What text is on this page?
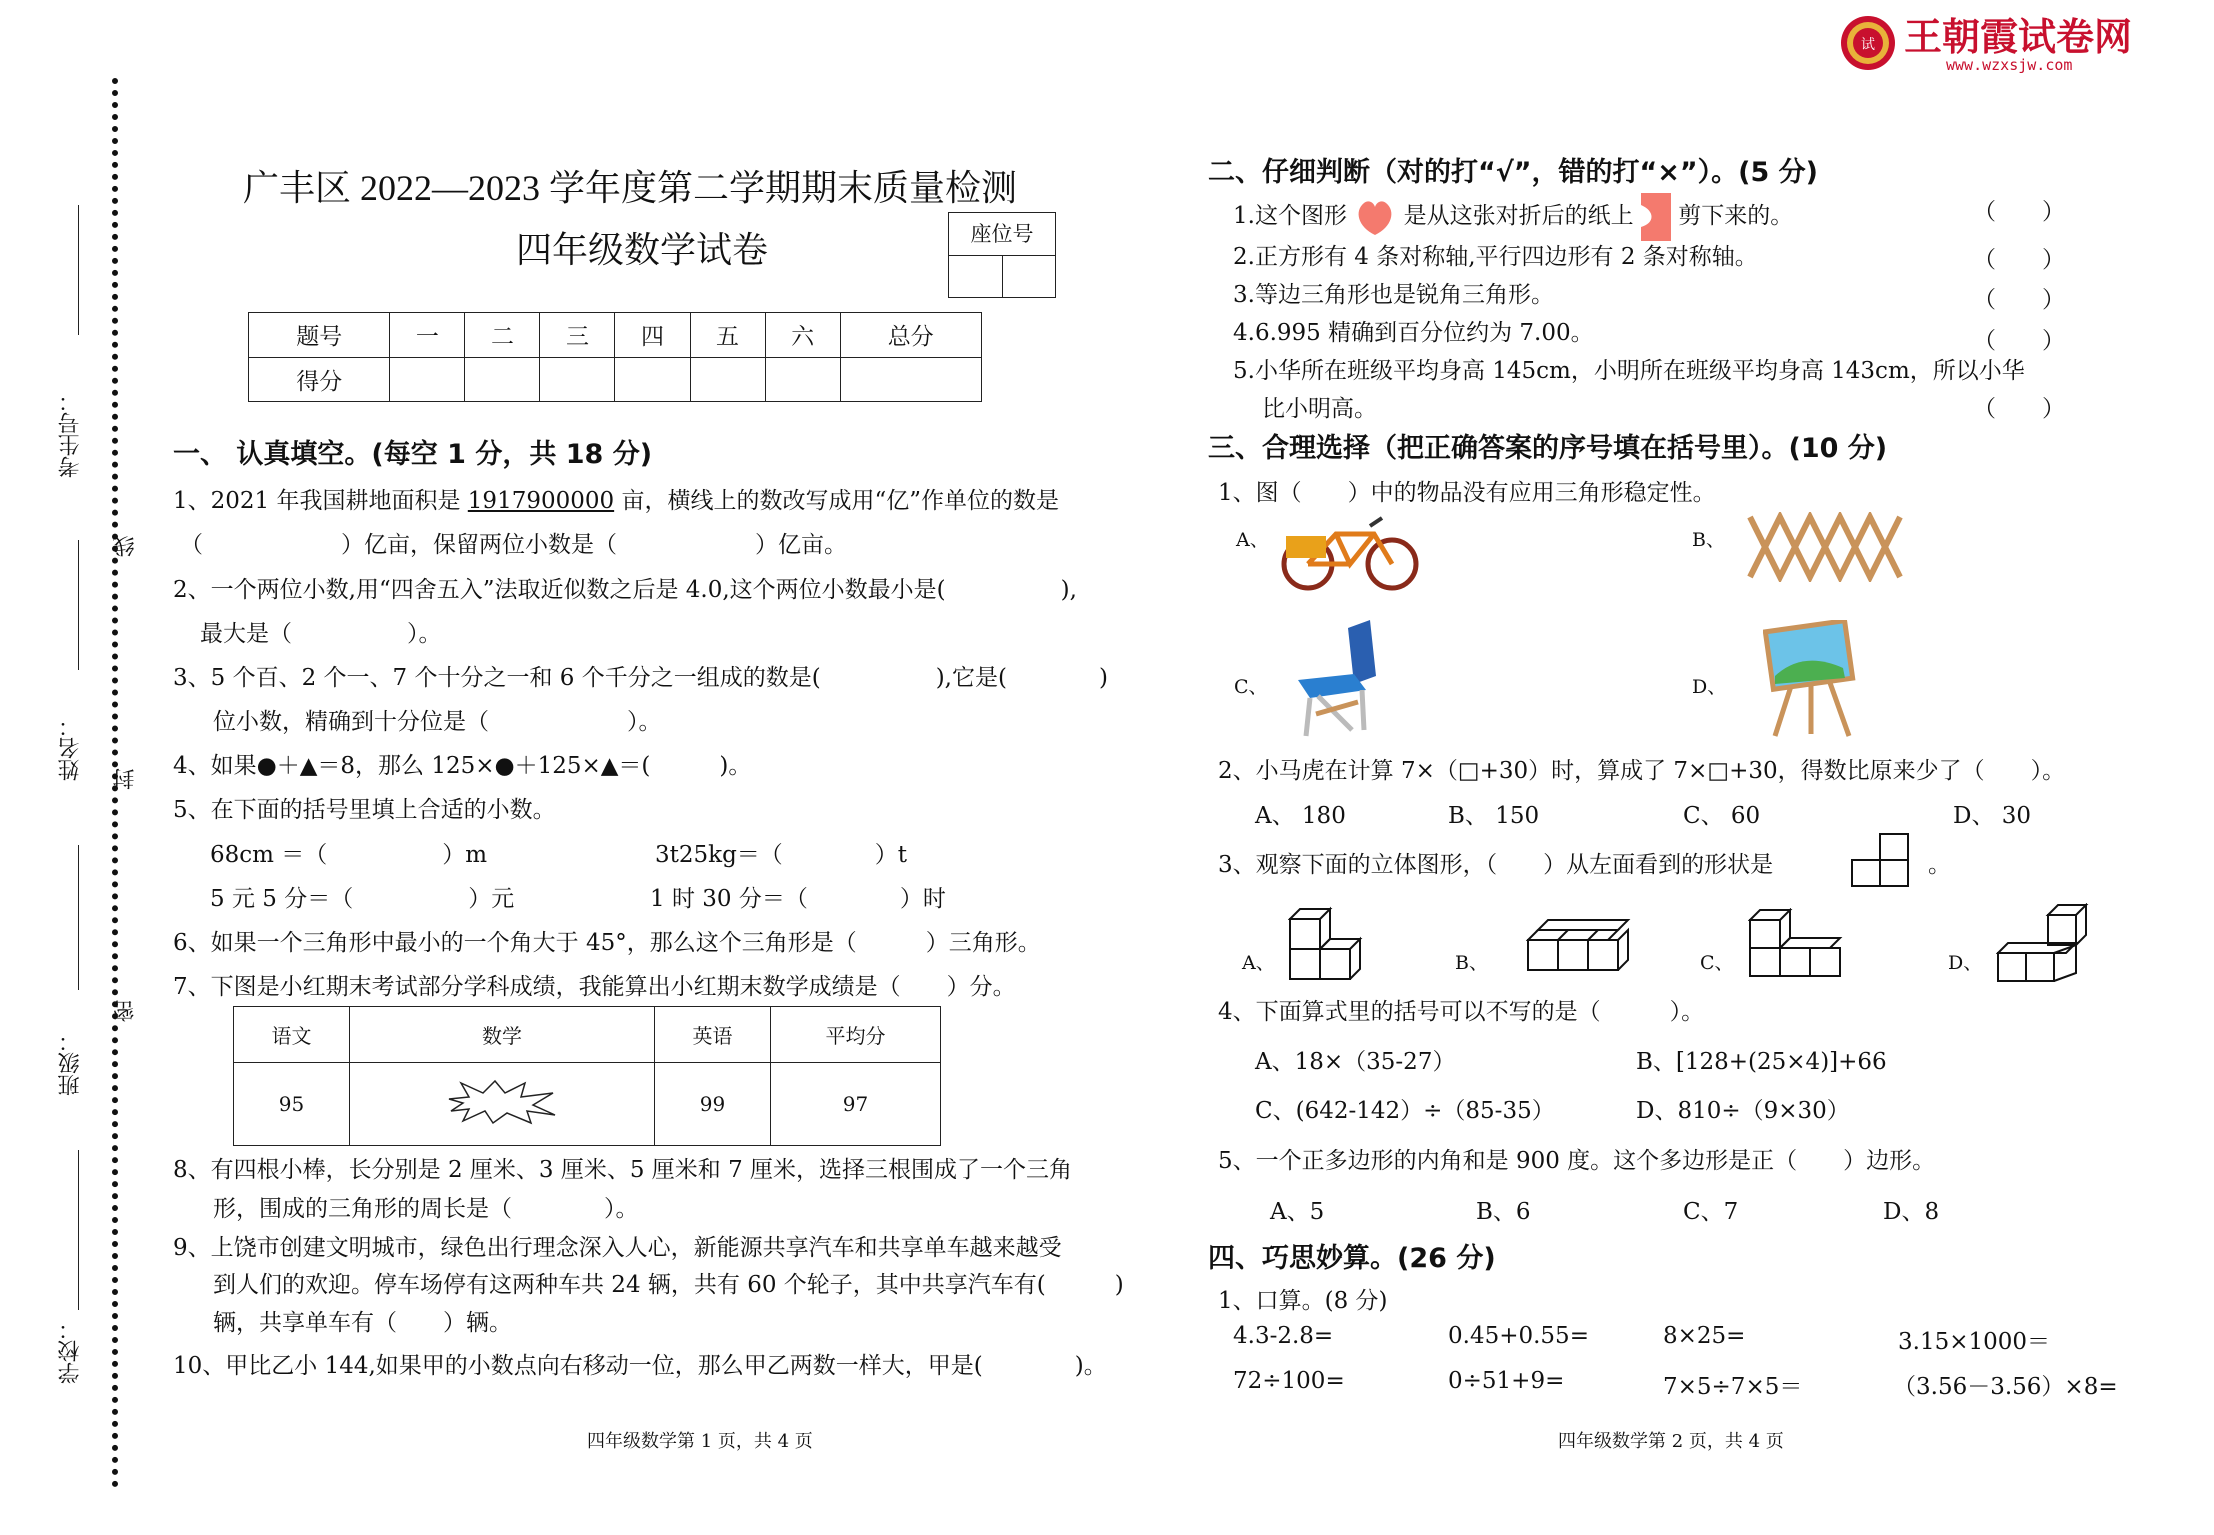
试 王朝霞试卷网
www.wzxsjw.com
考生号：
姓名：
班级：
学校：
线
封
密
广丰区 2022—2023 学年度第二学期期末质量检测
四年级数学试卷	座位号
题号	一	二	三	四	五	六	总分
得分							
一、 认真填空。(每空 1 分，共 18 分)
1、2021 年我国耕地面积是 1917900000 亩，横线上的数改写成用“亿”作单位的数是
（　　　　　　）亿亩，保留两位小数是（　　　　　　）亿亩。
2、一个两位小数,用“四舍五入”法取近似数之后是 4.0,这个两位小数最小是(　　　　　),
最大是（　　　　　）。
3、5 个百、2 个一、7 个十分之一和 6 个千分之一组成的数是(　　　　　),它是(　　　　)
位小数，精确到十分位是（　　　　　　）。
4、如果●＋▲＝8，那么 125×●＋125×▲＝(　　　)。
5、在下面的括号里填上合适的小数。
68cm ＝（　　　　　）m	3t25kg＝（　　　　）t
5 元 5 分＝（　　　　　）元	1 时 30 分＝（　　　　）时
6、如果一个三角形中最小的一个角大于 45°，那么这个三角形是（　　　）三角形。
7、下图是小红期末考试部分学科成绩，我能算出小红期末数学成绩是（　　）分。
语文	数学	英语	平均分
95		99	97
8、有四根小棒，长分别是 2 厘米、3 厘米、5 厘米和 7 厘米，选择三根围成了一个三角
形，围成的三角形的周长是（　　　　）。
9、上饶市创建文明城市，绿色出行理念深入人心，新能源共享汽车和共享单车越来越受
到人们的欢迎。停车场停有这两种车共 24 辆，共有 60 个轮子，其中共享汽车有(　　　)
辆，共享单车有（　　）辆。
10、甲比乙小 144,如果甲的小数点向右移动一位，那么甲乙两数一样大，甲是(　　　　)。
四年级数学第 1 页，共 4 页
二、仔细判断（对的打“√”，错的打“×”）。(5 分)
1.这个图形 是从这张对折后的纸上 剪下来的。	（　　）
2.正方形有 4 条对称轴,平行四边形有 2 条对称轴。	（　　）
3.等边三角形也是锐角三角形。	（　　）
4.6.995 精确到百分位约为 7.00。	（　　）
5.小华所在班级平均身高 145cm，小明所在班级平均身高 143cm，所以小华
比小明高。	（　　）
三、合理选择（把正确答案的序号填在括号里）。(10 分)
1、图（　　）中的物品没有应用三角形稳定性。
A、	B、
C、	D、
2、小马虎在计算 7×（□+30）时，算成了 7×□+30，得数比原来少了（　　）。
A、 180	B、 150	C、 60	D、 30
3、观察下面的立体图形，（　　）从左面看到的形状是	。
A、	B、	C、	D、
4、下面算式里的括号可以不写的是（　　　）。
A、18×（35-27）	B、[128+(25×4)]+66
C、(642-142）÷（85-35）	D、810÷（9×30）
5、一个正多边形的内角和是 900 度。这个多边形是正（　　）边形。
A、5	B、6	C、7	D、8
四、巧思妙算。(26 分)
1、口算。(8 分)
4.3-2.8=	0.45+0.55=	8×25=	3.15×1000＝
72÷100=	0÷51+9=	7×5÷7×5＝	（3.56－3.56）×8=
四年级数学第 2 页，共 4 页
